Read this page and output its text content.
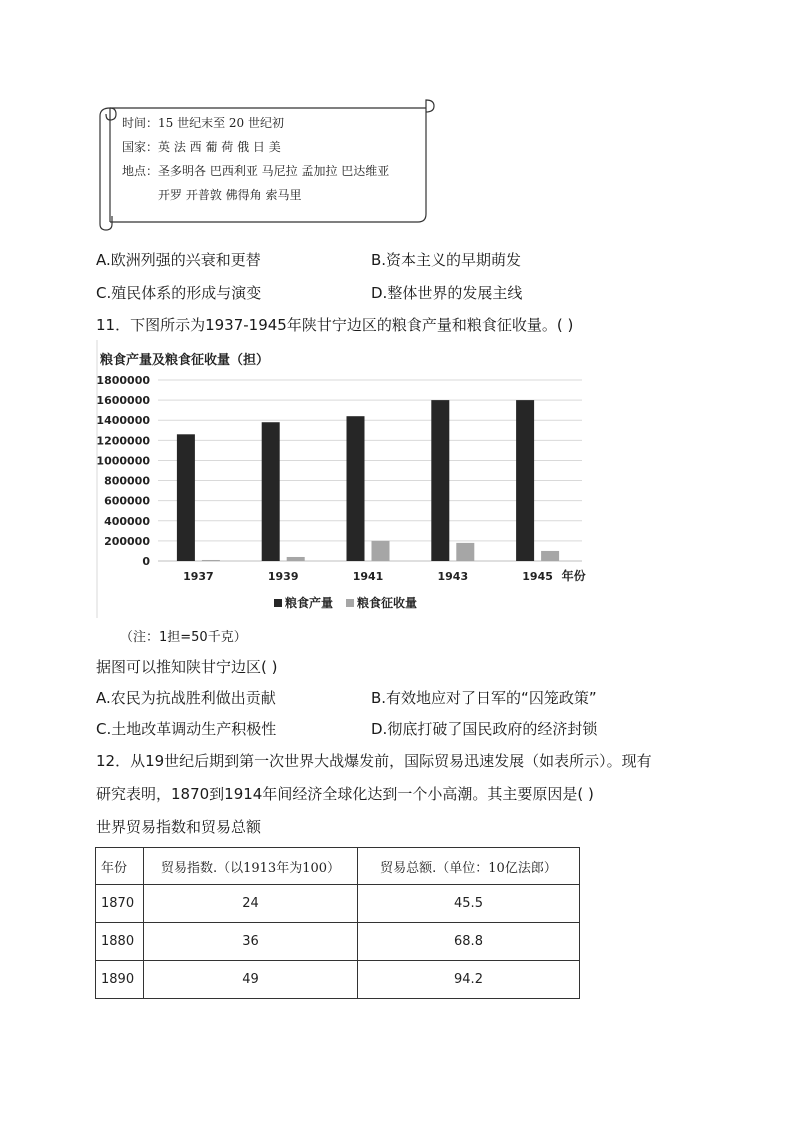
时间：15 世纪末至 20 世纪初
国家：英 法 西 葡 荷 俄 日 美
地点：圣多明各 巴西利亚 马尼拉 孟加拉 巴达维亚
开罗 开普敦 佛得角 索马里
A.欧洲列强的兴衰和更替	B.资本主义的早期萌发
C.殖民体系的形成与演变	D.整体世界的发展主线
11．下图所示为1937-1945年陕甘宁边区的粮食产量和粮食征收量。( )
粮食产量及粮食征收量（担）
0
200000
400000
600000
800000
1000000
1200000
1400000
1600000
1800000
1937	1939	1941	1943	1945 年份
粮食产量 粮食征收量
（注：1担=50千克）
据图可以推知陕甘宁边区( )
A.农民为抗战胜利做出贡献	B.有效地应对了日军的“囚笼政策”
C.土地改革调动生产积极性	D.彻底打破了国民政府的经济封锁
12．从19世纪后期到第一次世界大战爆发前，国际贸易迅速发展（如表所示）。现有
研究表明，1870到1914年间经济全球化达到一个小高潮。其主要原因是( )
世界贸易指数和贸易总额
年份	贸易指数.（以1913年为100）	贸易总额.（单位：10亿法郎）
1870	24	45.5
1880	36	68.8
1890	49	94.2
